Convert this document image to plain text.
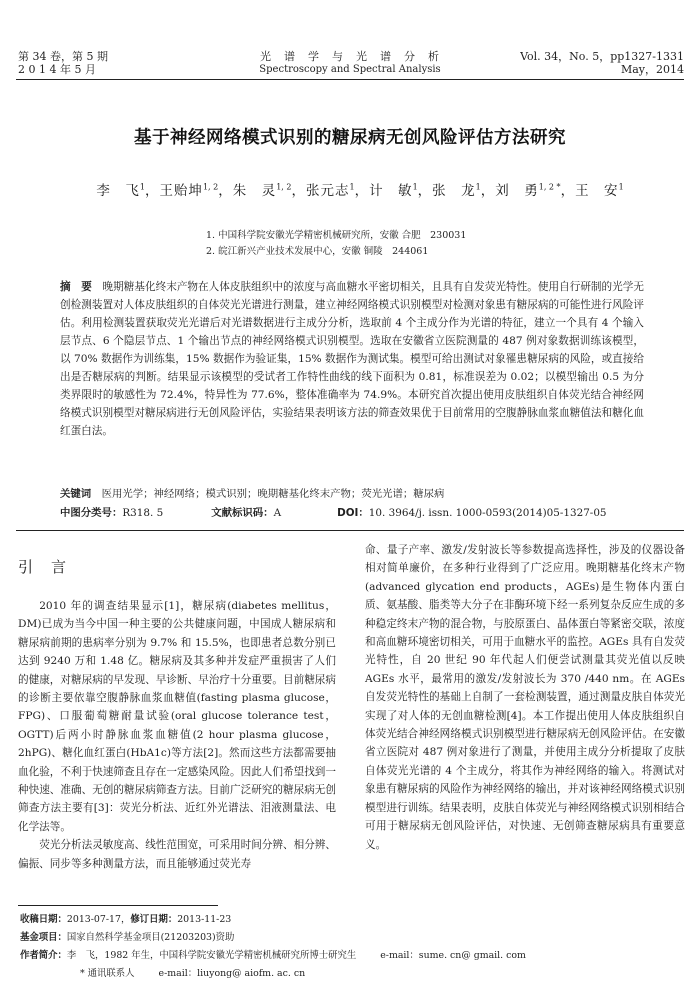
第 34 卷，第 5 期
2 0 1 4 年 5 月
光　谱　学　与　光　谱　分　析
Spectroscopy and Spectral Analysis
Vol. 34，No. 5，pp1327-1331
May，2014
基于神经网络模式识别的糖尿病无创风险评估方法研究
李　飞$^1$，王贻坤$^{1, 2}$，朱　灵$^{1, 2}$，张元志$^1$，计　敏$^1$，张　龙$^1$，刘　勇$^{1, 2 *}$，王　安$^1$
1. 中国科学院安徽光学精密机械研究所，安徽 合肥　230031
2. 皖江新兴产业技术发展中心，安徽 铜陵　244061
摘　要　 晚期糖基化终末产物在人体皮肤组织中的浓度与高血糖水平密切相关，且具有自发荧光特性。使用自行研制的光学无创检测装置对人体皮肤组织的自体荧光光谱进行测量，建立神经网络模式识别模型对检测对象患有糖尿病的可能性进行风险评估。利用检测装置获取荧光光谱后对光谱数据进行主成分分析，选取前 4 个主成分作为光谱的特征，建立一个具有 4 个输入层节点、6 个隐层节点、1 个输出节点的神经网络模式识别模型。选取在安徽省立医院测量的 487 例对象数据训练该模型，以 70% 数据作为训练集，15% 数据作为验证集，15% 数据作为测试集。模型可给出测试对象罹患糖尿病的风险，或直接给出是否糖尿病的判断。结果显示该模型的受试者工作特性曲线的线下面积为 0.81，标准误差为 0.02；以模型输出 0.5 为分类界限时的敏感性为 72.4%，特异性为 77.6%，整体准确率为 74.9%。本研究首次提出使用皮肤组织自体荧光结合神经网络模式识别模型对糖尿病进行无创风险评估，实验结果表明该方法的筛查效果优于目前常用的空腹静脉血浆血糖值法和糖化血红蛋白法。
关键词　 医用光学；神经网络；模式识别；晚期糖基化终末产物；荧光光谱；糖尿病
中图分类号：R318. 5	文献标识码：A	DOI：10. 3964/j. issn. 1000-0593(2014)05-1327-05
引言

2010 年的调查结果显示[1]，糖尿病(diabetes mellitus，DM)已成为当今中国一种主要的公共健康问题，中国成人糖尿病和糖尿病前期的患病率分别为 9.7% 和 15.5%，也即患者总数分别已达到 9240 万和 1.48 亿。糖尿病及其多种并发症严重损害了人们的健康，对糖尿病的早发现、早诊断、早治疗十分重要。目前糖尿病的诊断主要依靠空腹静脉血浆血糖值(fasting plasma glucose，FPG)、口服葡萄糖耐量试验(oral glucose tolerance test，OGTT)后两小时静脉血浆血糖值(2 hour plasma glucose，2hPG)、糖化血红蛋白(HbA1c)等方法[2]。然而这些方法都需要抽血化验，不利于快速筛查且存在一定感染风险。因此人们希望找到一种快速、准确、无创的糖尿病筛查方法。目前广泛研究的糖尿病无创筛查方法主要有[3]：荧光分析法、近红外光谱法、泪液测量法、电化学法等。

荧光分析法灵敏度高、线性范围宽，可采用时间分辨、相分辨、偏振、同步等多种测量方法，而且能够通过荧光寿

命、量子产率、激发/发射波长等参数提高选择性，涉及的仪器设备相对简单廉价，在多种行业得到了广泛应用。晚期糖基化终末产物(advanced glycation end products，AGEs)是生物体内蛋白质、氨基酸、脂类等大分子在非酶环境下经一系列复杂反应生成的多种稳定终末产物的混合物，与胶原蛋白、晶体蛋白等紧密交联，浓度和高血糖环境密切相关，可用于血糖水平的监控。AGEs 具有自发荧光特性，自 20 世纪 90 年代起人们便尝试测量其荧光值以反映 AGEs 水平，最常用的激发/发射波长为 370 /440 nm。在 AGEs 自发荧光特性的基础上自制了一套检测装置，通过测量皮肤自体荧光实现了对人体的无创血糖检测[4]。本工作提出使用人体皮肤组织自体荧光结合神经网络模式识别模型进行糖尿病无创风险评估。在安徽省立医院对 487 例对象进行了测量，并使用主成分分析提取了皮肤自体荧光光谱的 4 个主成分，将其作为神经网络的输入。将测试对象患有糖尿病的风险作为神经网络的输出，并对该神经网络模式识别模型进行训练。结果表明，皮肤自体荧光与神经网络模式识别相结合可用于糖尿病无创风险评估，对快速、无创筛查糖尿病具有重要意义。

收稿日期：2013-07-17，修订日期：2013-11-23
基金项目：国家自然科学基金项目(21203203)资助
作者简介：李　飞，1982 年生，中国科学院安徽光学精密机械研究所博士研究生	e-mail：sume. cn@ gmail. com
* 通讯联系人	e-mail：liuyong@ aiofm. ac. cn
